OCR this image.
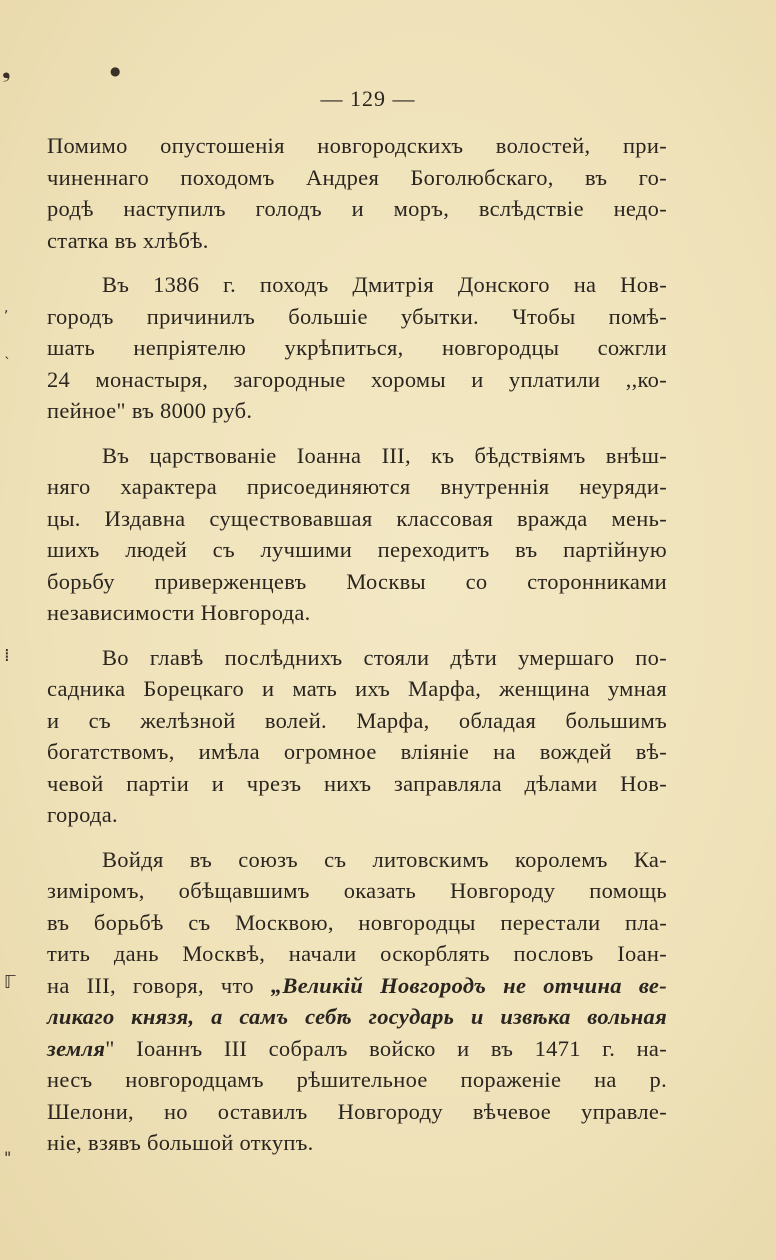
❟	●
,
`
⁞
ℾ
"
— 129 —

Помимо опустошенія новгородскихъ волостей, при-
чиненнаго походомъ Андрея Боголюбскаго, въ го-
родѣ наступилъ голодъ и моръ, вслѣдствіе недо-
статка въ хлѣбѣ.

Въ 1386 г. походъ Дмитрія Донского на Нов-
городъ причинилъ большіе убытки. Чтобы помѣ-
шать непріятелю укрѣпиться, новгородцы сожгли
24 монастыря, загородные хоромы и уплатили ,,ко-
пейное" въ 8000 руб.

Въ царствованіе Іоанна III, къ бѣдствіямъ внѣш-
няго характера присоединяются внутреннія неуряди-
цы. Издавна существовавшая классовая вражда мень-
шихъ людей съ лучшими переходитъ въ партійную
борьбу приверженцевъ Москвы со сторонниками
независимости Новгорода.

Во главѣ послѣднихъ стояли дѣти умершаго по-
садника Борецкаго и мать ихъ Марфа, женщина умная
и съ желѣзной волей. Марфа, обладая большимъ
богатствомъ, имѣла огромное вліяніе на вождей вѣ-
чевой партіи и чрезъ нихъ заправляла дѣлами Нов-
города.

Войдя въ союзъ съ литовскимъ королемъ Ка-
зиміромъ, обѣщавшимъ оказать Новгороду помощь
въ борьбѣ съ Москвою, новгородцы перестали пла-
тить дань Москвѣ, начали оскорблять пословъ Іоан-
на III, говоря, что „Великій Новгородъ не отчина ве-
ликаго князя, а самъ себѣ государь и извѣка вольная
земля" Іоаннъ III собралъ войско и въ 1471 г. на-
несъ новгородцамъ рѣшительное пораженіе на р.
Шелони, но оставилъ Новгороду вѣчевое управле-
ніе, взявъ большой откупъ.
